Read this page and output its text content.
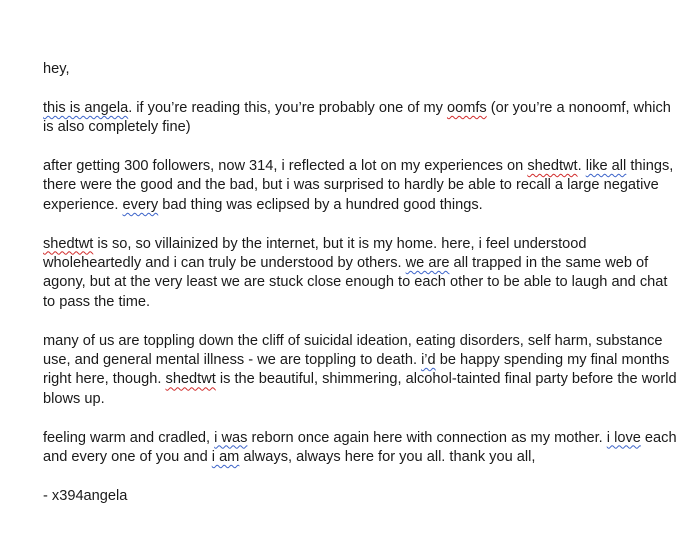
hey,

this is angela. if you’re reading this, you’re probably one of my oomfs (or you’re a nonoomf, which is also completely fine)

after getting 300 followers, now 314, i reflected a lot on my experiences on shedtwt. like all things, there were the good and the bad, but i was surprised to hardly be able to recall a large negative experience. every bad thing was eclipsed by a hundred good things.

shedtwt is so, so villainized by the internet, but it is my home. here, i feel understood wholeheartedly and i can truly be understood by others. we are all trapped in the same web of agony, but at the very least we are stuck close enough to each other to be able to laugh and chat to pass the time.

many of us are toppling down the cliff of suicidal ideation, eating disorders, self harm, substance use, and general mental illness - we are toppling to death. i’d be happy spending my final months right here, though. shedtwt is the beautiful, shimmering, alcohol-tainted final party before the world blows up.

feeling warm and cradled, i was reborn once again here with connection as my mother. i love each and every one of you and i am always, always here for you all. thank you all,

- x394angela
